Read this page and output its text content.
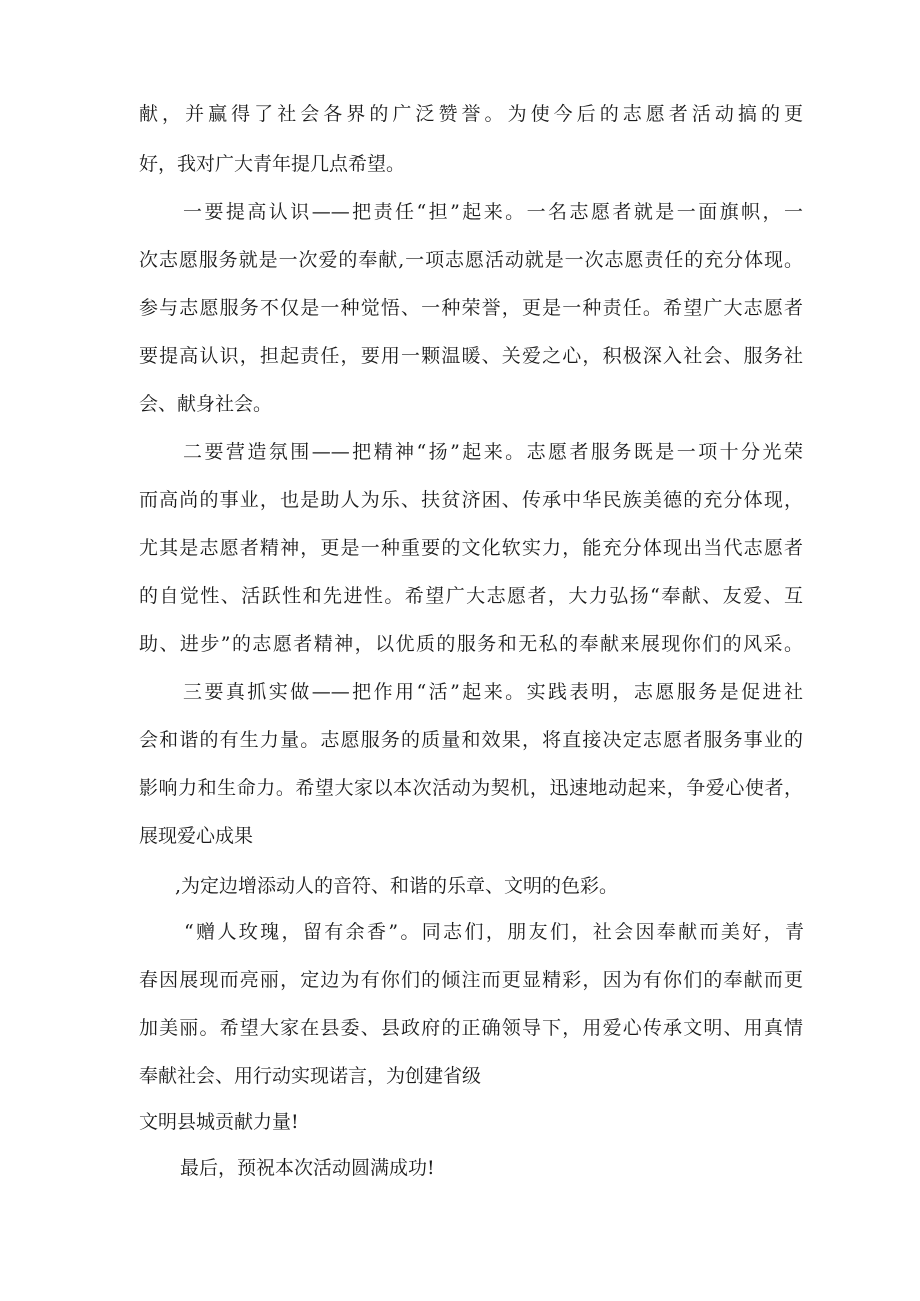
献，并赢得了社会各界的广泛赞誉。为使今后的志愿者活动搞的更

好，我对广大青年提几点希望。

一要提高认识——把责任“担”起来。一名志愿者就是一面旗帜，一

次志愿服务就是一次爱的奉献,一项志愿活动就是一次志愿责任的充分体现。

参与志愿服务不仅是一种觉悟、一种荣誉，更是一种责任。希望广大志愿者

要提高认识，担起责任，要用一颗温暖、关爱之心，积极深入社会、服务社

会、献身社会。

二要营造氛围——把精神“扬”起来。志愿者服务既是一项十分光荣

而高尚的事业，也是助人为乐、扶贫济困、传承中华民族美德的充分体现，

尤其是志愿者精神，更是一种重要的文化软实力，能充分体现出当代志愿者

的自觉性、活跃性和先进性。希望广大志愿者，大力弘扬“奉献、友爱、互

助、进步”的志愿者精神，以优质的服务和无私的奉献来展现你们的风采。

三要真抓实做——把作用“活”起来。实践表明，志愿服务是促进社

会和谐的有生力量。志愿服务的质量和效果，将直接决定志愿者服务事业的

影响力和生命力。希望大家以本次活动为契机，迅速地动起来，争爱心使者，

展现爱心成果

,为定边增添动人的音符、和谐的乐章、文明的色彩。

“赠人玫瑰，留有余香”。同志们，朋友们，社会因奉献而美好，青

春因展现而亮丽，定边为有你们的倾注而更显精彩，因为有你们的奉献而更

加美丽。希望大家在县委、县政府的正确领导下，用爱心传承文明、用真情

奉献社会、用行动实现诺言，为创建省级

文明县城贡献力量!

最后，预祝本次活动圆满成功!
